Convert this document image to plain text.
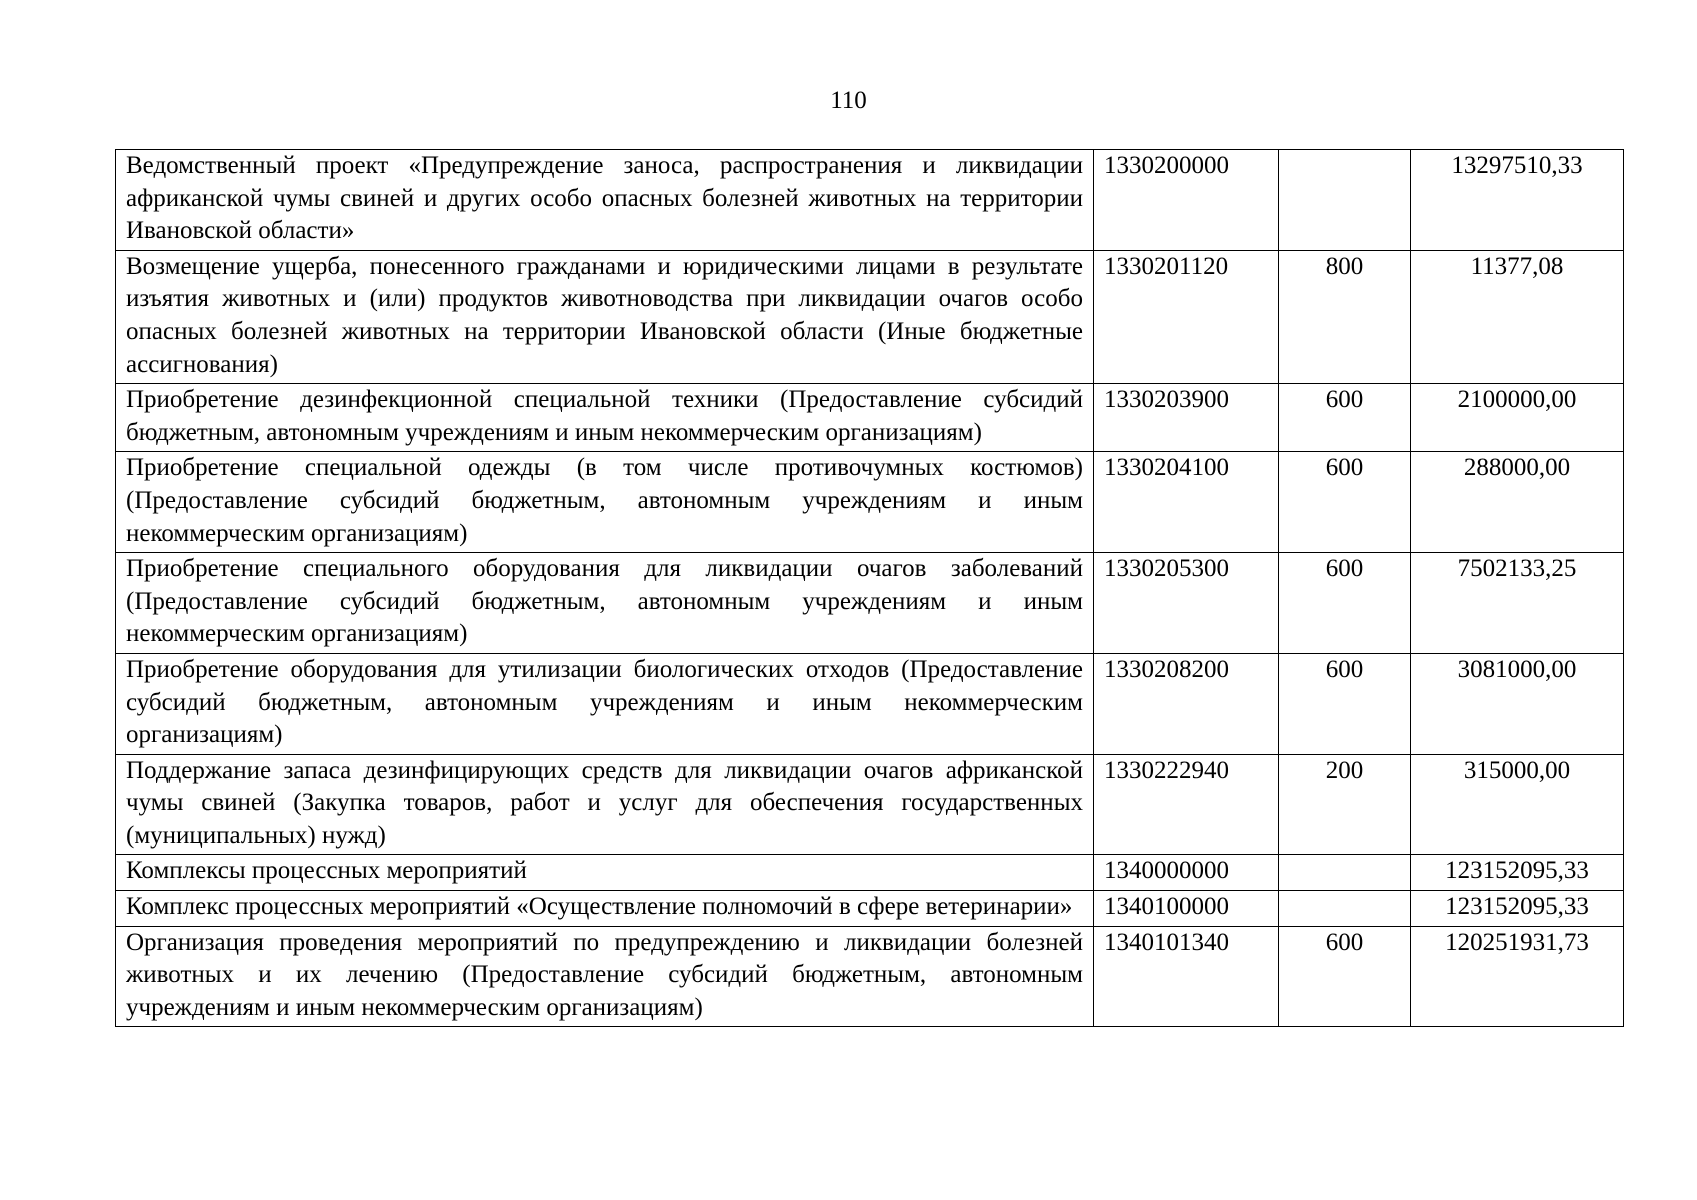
110
Ведомственный проект «Предупреждение заноса, распространения и ликвидации африканской чумы свиней и других особо опасных болезней животных на территории Ивановской области»	1330200000		13297510,33
Возмещение ущерба, понесенного гражданами и юридическими лицами в результате изъятия животных и (или) продуктов животноводства при ликвидации очагов особо опасных болезней животных на территории Ивановской области (Иные бюджетные ассигнования)	1330201120	800	11377,08
Приобретение дезинфекционной специальной техники (Предоставление субсидий бюджетным, автономным учреждениям и иным некоммерческим организациям)	1330203900	600	2100000,00
Приобретение специальной одежды (в том числе противочумных костюмов) (Предоставление субсидий бюджетным, автономным учреждениям и иным некоммерческим организациям)	1330204100	600	288000,00
Приобретение специального оборудования для ликвидации очагов заболеваний (Предоставление субсидий бюджетным, автономным учреждениям и иным некоммерческим организациям)	1330205300	600	7502133,25
Приобретение оборудования для утилизации биологических отходов (Предоставление субсидий бюджетным, автономным учреждениям и иным некоммерческим организациям)	1330208200	600	3081000,00
Поддержание запаса дезинфицирующих средств для ликвидации очагов африканской чумы свиней (Закупка товаров, работ и услуг для обеспечения государственных (муниципальных) нужд)	1330222940	200	315000,00
Комплексы процессных мероприятий	1340000000		123152095,33
Комплекс процессных мероприятий «Осуществление полномочий в сфере ветеринарии»	1340100000		123152095,33
Организация проведения мероприятий по предупреждению и ликвидации болезней животных и их лечению (Предоставление субсидий бюджетным, автономным учреждениям и иным некоммерческим организациям)	1340101340	600	120251931,73
